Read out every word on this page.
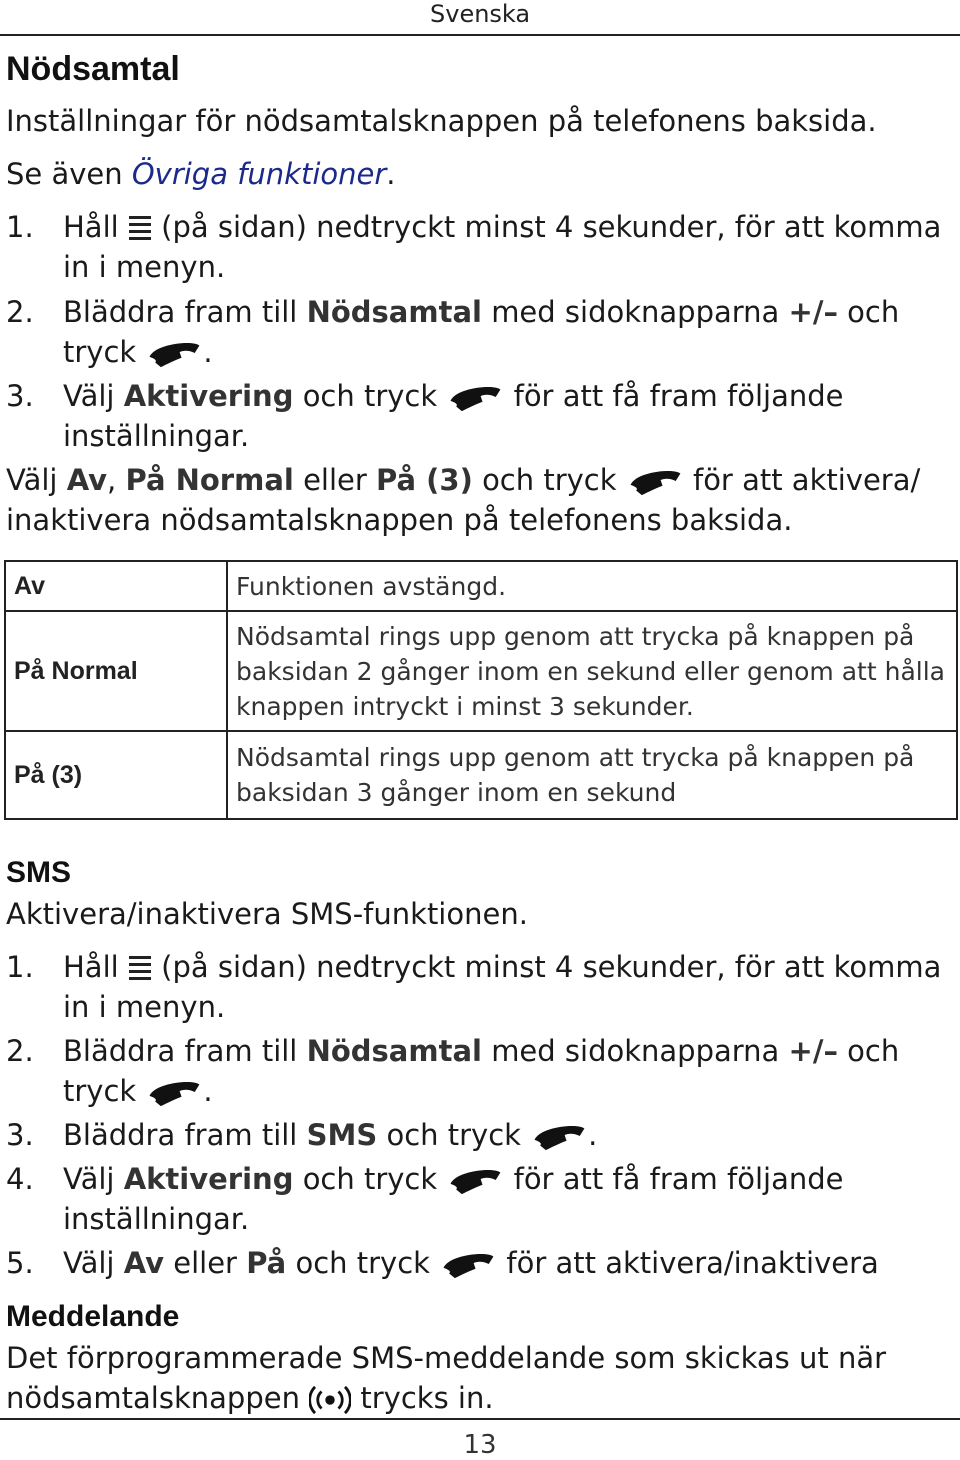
Svenska
Nödsamtal
Inställningar för nödsamtalsknappen på telefonens baksida.
Se även Övriga funktioner.
1.	Håll (på sidan) nedtryckt minst 4 sekunder, för att komma in i menyn.
2.	Bläddra fram till Nödsamtal med sidoknapparna +/– och tryck .
3.	Välj Aktivering och tryck	för att få fram följande inställningar.
Välj Av, På Normal eller På (3) och tryck	för att aktivera/ inaktivera nödsamtalsknappen på telefonens baksida.
Av	Funktionen avstängd.
På Normal	Nödsamtal rings upp genom att trycka på knappen på baksidan 2 gånger inom en sekund eller genom att hålla knappen intryckt i minst 3 sekunder.
På (3)	Nödsamtal rings upp genom att trycka på knappen på baksidan 3 gånger inom en sekund
SMS
Aktivera/inaktivera SMS-funktionen.
1.	Håll (på sidan) nedtryckt minst 4 sekunder, för att komma in i menyn.
2.	Bläddra fram till Nödsamtal med sidoknapparna +/– och tryck .
3.	Bläddra fram till SMS och tryck .
4.	Välj Aktivering och tryck	för att få fram följande inställningar.
5.	Välj Av eller På och tryck	för att aktivera/inaktivera
Meddelande
Det förprogrammerade SMS-meddelande som skickas ut när nödsamtalsknappen trycks in.
13
